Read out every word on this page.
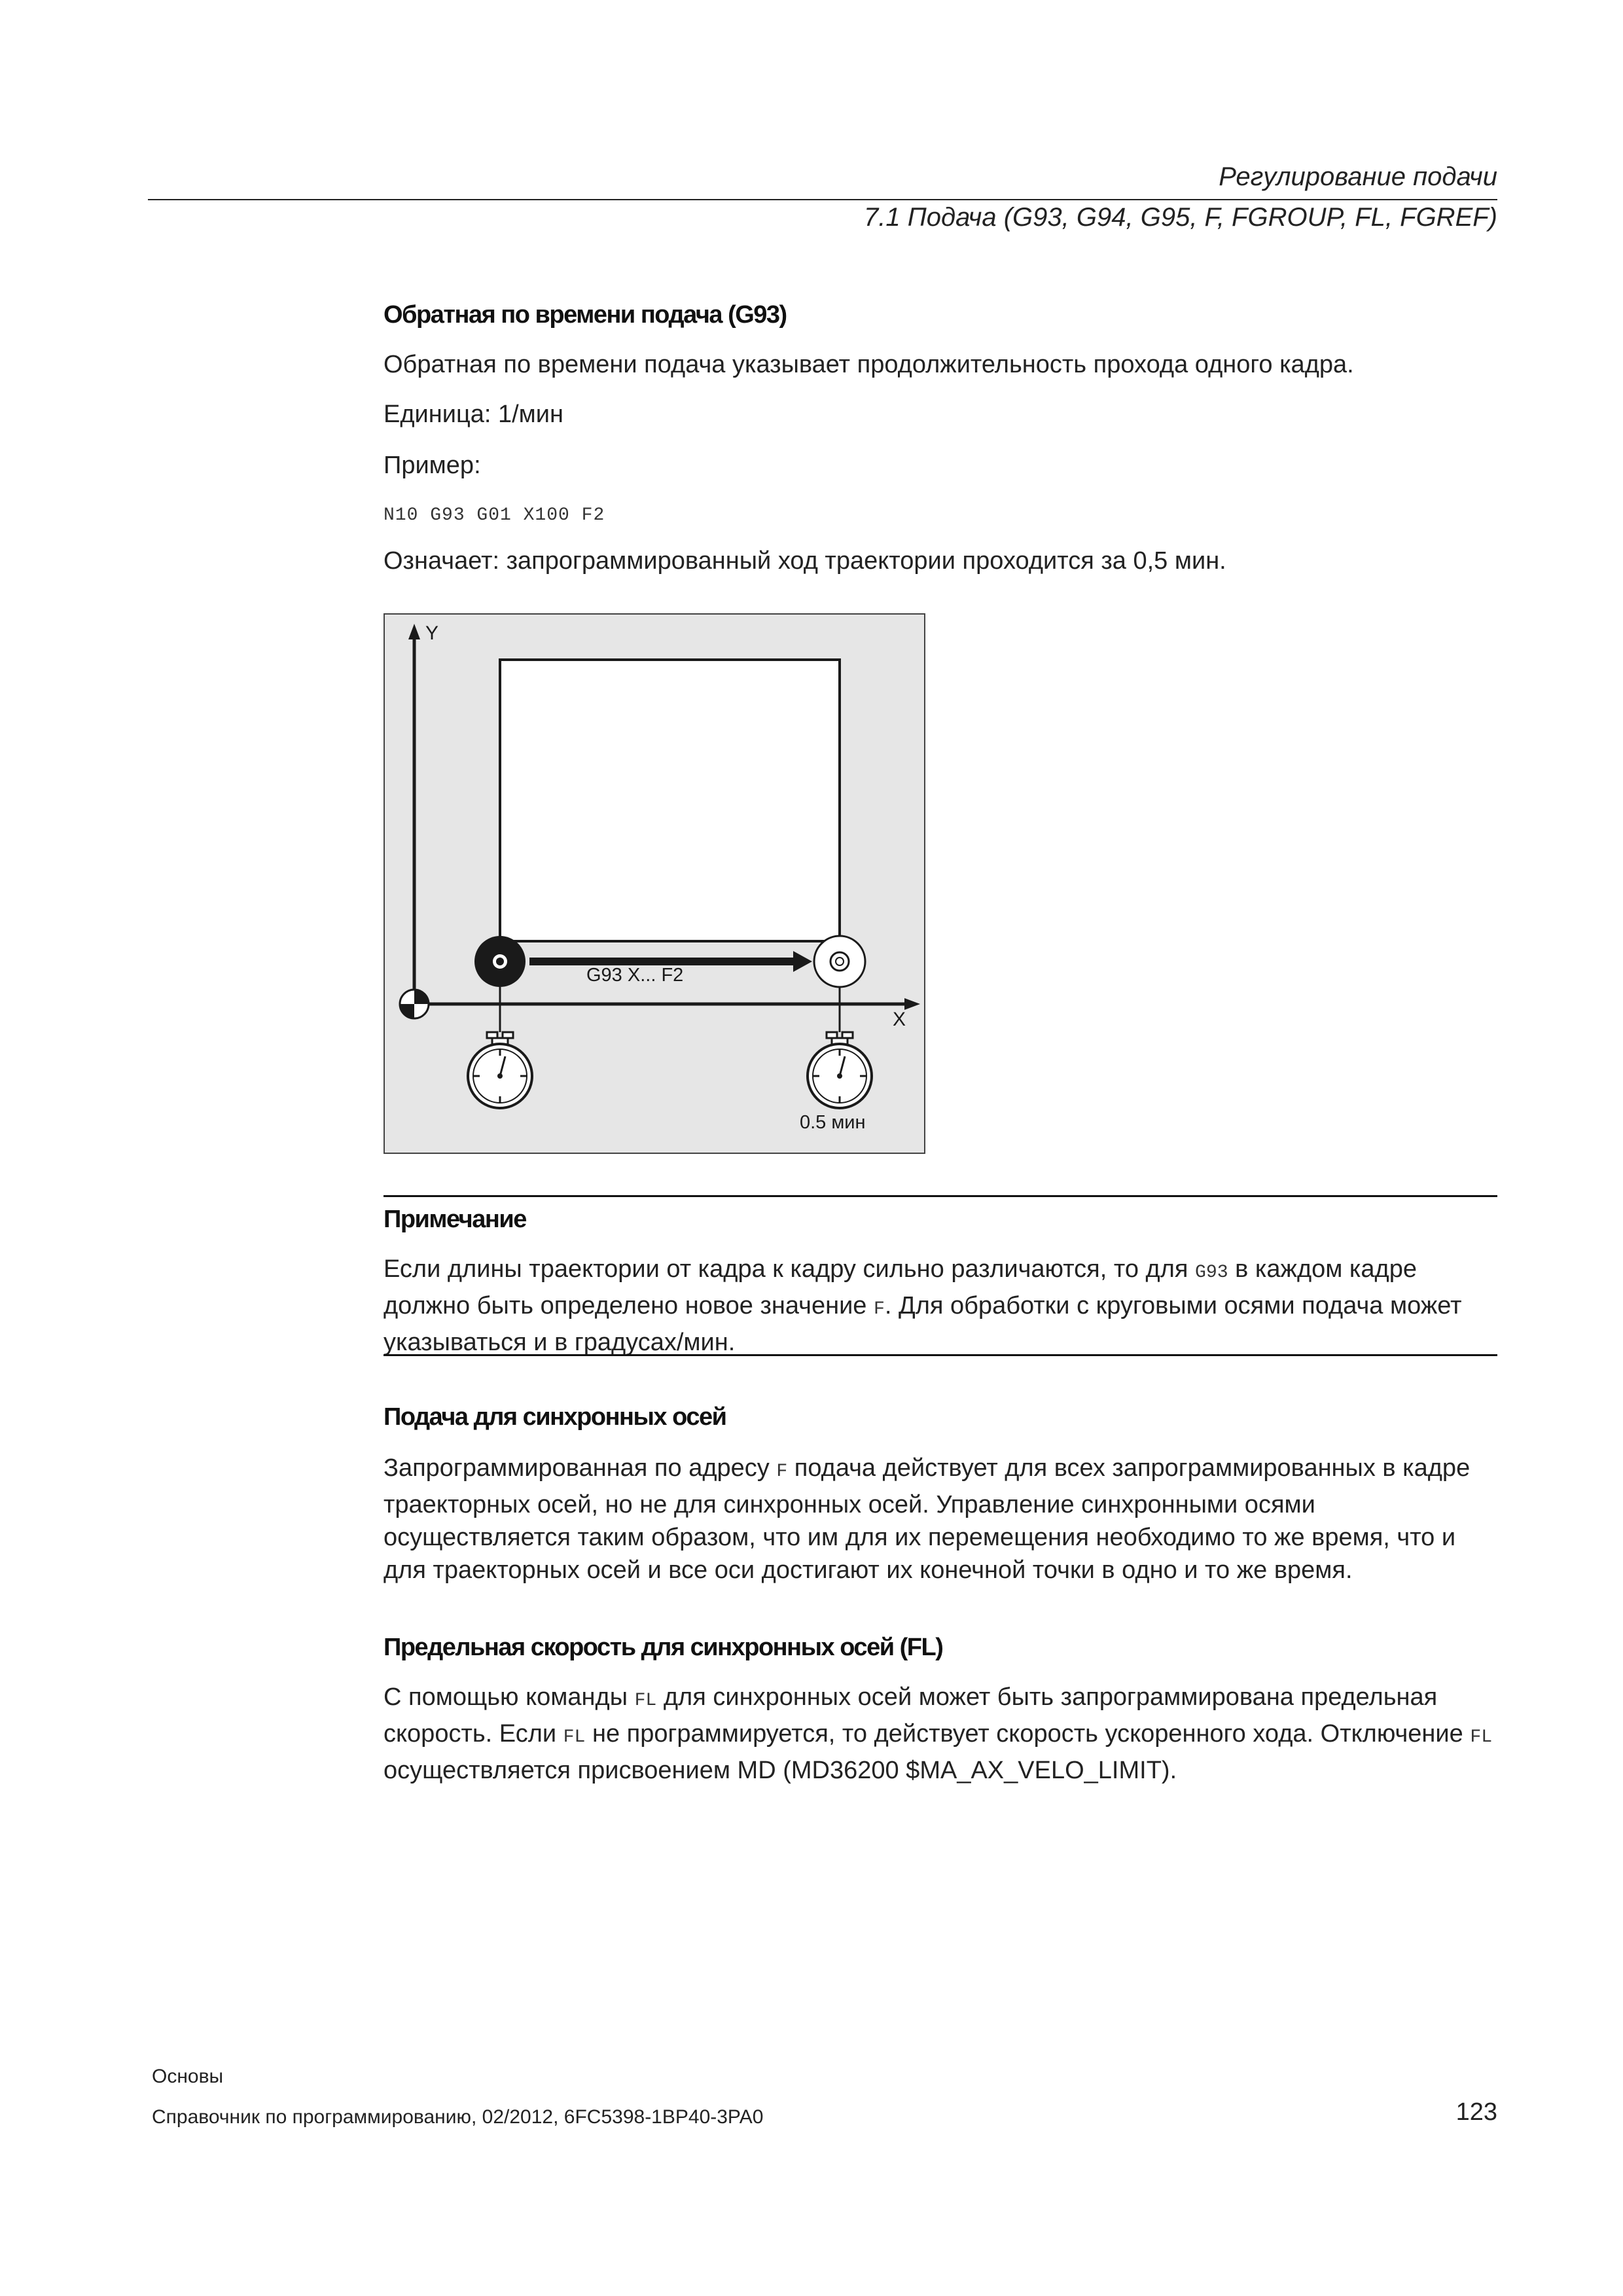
Регулирование подачи
7.1 Подача (G93, G94, G95, F, FGROUP, FL, FGREF)
Обратная по времени подача (G93)
Обратная по времени подача указывает продолжительность прохода одного кадра.
Единица: 1/мин
Пример:
N10 G93 G01 X100 F2
Означает: запрограммированный ход траектории проходится за 0,5 мин.
Y
X
G93 X... F2
0.5 мин
Примечание
Если длины траектории от кадра к кадру сильно различаются, то для G93 в каждом кадре должно быть определено новое значение F. Для обработки с круговыми осями подача может указываться и в градусах/мин.
Подача для синхронных осей
Запрограммированная по адресу F подача действует для всех запрограммированных в кадре траекторных осей, но не для синхронных осей. Управление синхронными осями осуществляется таким образом, что им для их перемещения необходимо то же время, что и для траекторных осей и все оси достигают их конечной точки в одно и то же время.
Предельная скорость для синхронных осей (FL)
С помощью команды FL для синхронных осей может быть запрограммирована предельная скорость. Если FL не программируется, то действует скорость ускоренного хода. Отключение FL осуществляется присвоением MD (MD36200 $MA_AX_VELO_LIMIT).
Основы
Справочник по программированию, 02/2012, 6FC5398-1BP40-3PA0	123
